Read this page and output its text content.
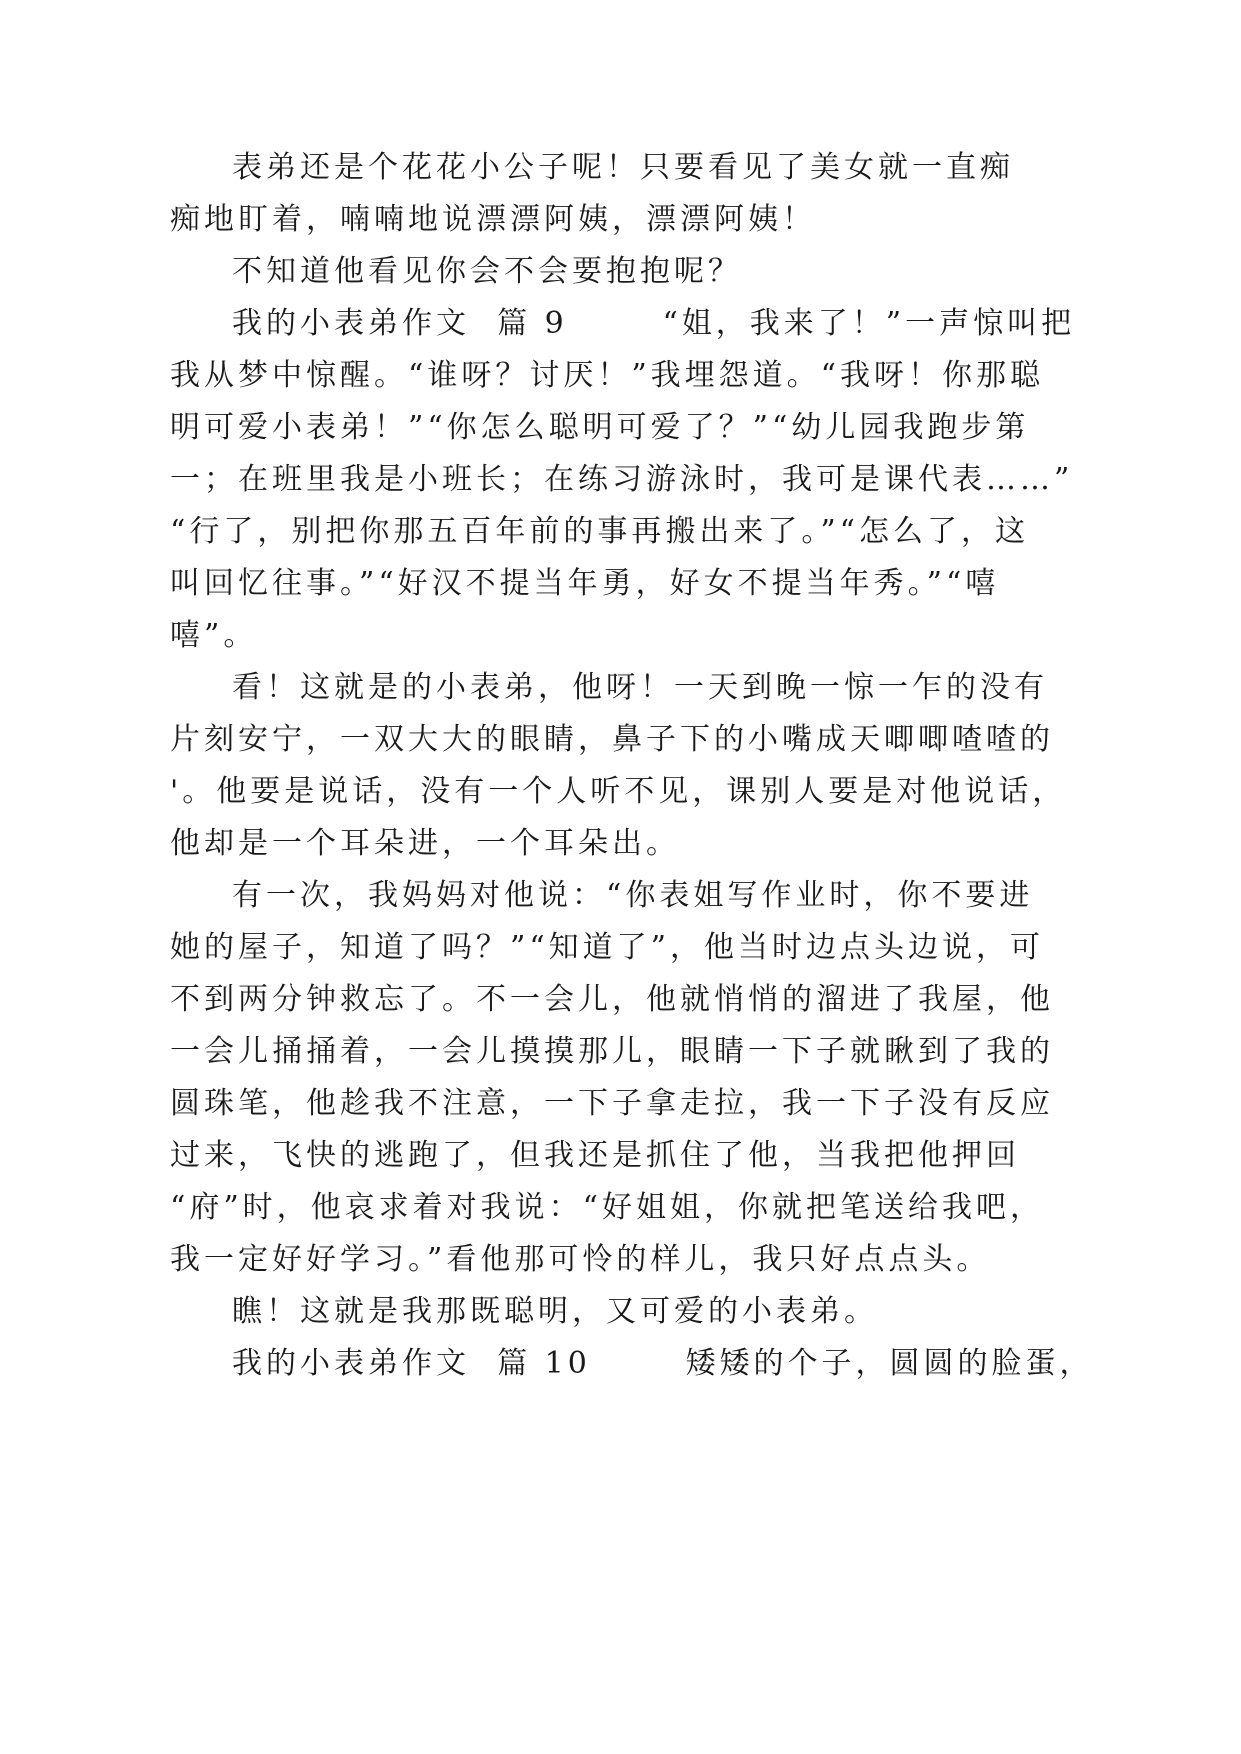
表弟还是个花花小公子呢！只要看见了美女就一直痴
痴地盯着，喃喃地说漂漂阿姨，漂漂阿姨！
不知道他看见你会不会要抱抱呢？
我的小表弟作文  篇 9       “姐，我来了！”一声惊叫把
我从梦中惊醒。“谁呀？讨厌！”我埋怨道。“我呀！你那聪
明可爱小表弟！”“你怎么聪明可爱了？”“幼儿园我跑步第
一；在班里我是小班长；在练习游泳时，我可是课代表……”
“行了，别把你那五百年前的事再搬出来了。”“怎么了，这
叫回忆往事。”“好汉不提当年勇，好女不提当年秀。”“嘻
嘻”。
看！这就是的小表弟，他呀！一天到晚一惊一乍的没有
片刻安宁，一双大大的眼睛，鼻子下的小嘴成天唧唧喳喳的
'。他要是说话，没有一个人听不见，课别人要是对他说话，
他却是一个耳朵进，一个耳朵出。
有一次，我妈妈对他说：“你表姐写作业时，你不要进
她的屋子，知道了吗？”“知道了”，他当时边点头边说，可
不到两分钟救忘了。不一会儿，他就悄悄的溜进了我屋，他
一会儿捅捅着，一会儿摸摸那儿，眼睛一下子就瞅到了我的
圆珠笔，他趁我不注意，一下子拿走拉，我一下子没有反应
过来，飞快的逃跑了，但我还是抓住了他，当我把他押回
“府”时，他哀求着对我说：“好姐姐，你就把笔送给我吧，
我一定好好学习。”看他那可怜的样儿，我只好点点头。
瞧！这就是我那既聪明，又可爱的小表弟。
我的小表弟作文  篇 10       矮矮的个子，圆圆的脸蛋，
